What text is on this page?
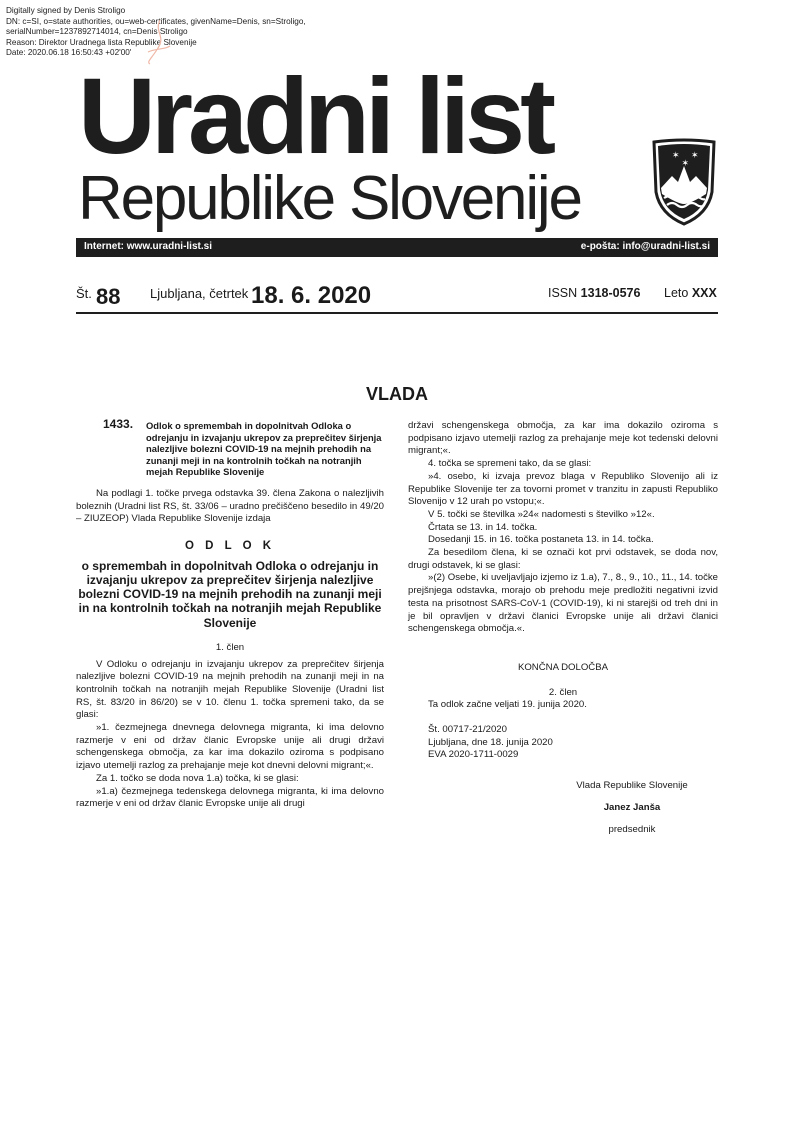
Digitally signed by Denis Stroligo
DN: c=SI, o=state authorities, ou=web-certificates, givenName=Denis, sn=Stroligo,
serialNumber=1237892714014, cn=Denis Stroligo
Reason: Direktor Uradnega lista Republike Slovenije
Date: 2020.06.18 16:50:43 +02'00'
Uradni list
Republike Slovenije
✶ ✶
✶
Internet: www.uradni-list.si	e-pošta: info@uradni-list.si
Št. 88 Ljubljana, četrtek 18. 6. 2020	ISSN 1318-0576 Leto XXX
VLADA
1433. Odlok o spremembah in dopolnitvah Odloka o odrejanju in izvajanju ukrepov za preprečitev širjenja nalezljive bolezni COVID-19 na mejnih prehodih na zunanji meji in na kontrolnih točkah na notranjih mejah Republike Slovenije

Na podlagi 1. točke prvega odstavka 39. člena Zakona o nalezljivih boleznih (Uradni list RS, št. 33/06 – uradno prečiščeno besedilo in 49/20 – ZIUZEOP) Vlada Republike Slovenije izdaja

O D L O K

o spremembah in dopolnitvah Odloka o odrejanju in izvajanju ukrepov za preprečitev širjenja nalezljive bolezni COVID-19 na mejnih prehodih na zunanji meji in na kontrolnih točkah na notranjih mejah Republike Slovenije

1. člen

V Odloku o odrejanju in izvajanju ukrepov za preprečitev širjenja nalezljive bolezni COVID-19 na mejnih prehodih na zunanji meji in na kontrolnih točkah na notranjih mejah Republike Slovenije (Uradni list RS, št. 83/20 in 86/20) se v 10. členu 1. točka spremeni tako, da se glasi:

»1. čezmejnega dnevnega delovnega migranta, ki ima delovno razmerje v eni od držav članic Evropske unije ali drugi državi schengenskega območja, za kar ima dokazilo oziroma s podpisano izjavo utemelji razlog za prehajanje meje kot dnevni delovni migrant;«.

Za 1. točko se doda nova 1.a) točka, ki se glasi:

»1.a) čezmejnega tedenskega delovnega migranta, ki ima delovno razmerje v eni od držav članic Evropske unije ali drugi

državi schengenskega območja, za kar ima dokazilo oziroma s podpisano izjavo utemelji razlog za prehajanje meje kot tedenski delovni migrant;«.

4. točka se spremeni tako, da se glasi:

»4. osebo, ki izvaja prevoz blaga v Republiko Slovenijo ali iz Republike Slovenije ter za tovorni promet v tranzitu in zapusti Republiko Slovenijo v 12 urah po vstopu;«.

V 5. točki se številka »24« nadomesti s številko »12«.

Črtata se 13. in 14. točka.

Dosedanji 15. in 16. točka postaneta 13. in 14. točka.

Za besedilom člena, ki se označi kot prvi odstavek, se doda nov, drugi odstavek, ki se glasi:

»(2) Osebe, ki uveljavljajo izjemo iz 1.a), 7., 8., 9., 10., 11., 14. točke prejšnjega odstavka, morajo ob prehodu meje predložiti negativni izvid testa na prisotnost SARS-CoV-1 (COVID-19), ki ni starejši od treh dni in je bil opravljen v državi članici Evropske unije ali državi članici schengenskega območja.«.

KONČNA DOLOČBA

2. člen

Ta odlok začne veljati 19. junija 2020.

Št. 00717-21/2020

Ljubljana, dne 18. junija 2020

EVA 2020-1711-0029

Vlada Republike Slovenije

Janez Janša

predsednik
